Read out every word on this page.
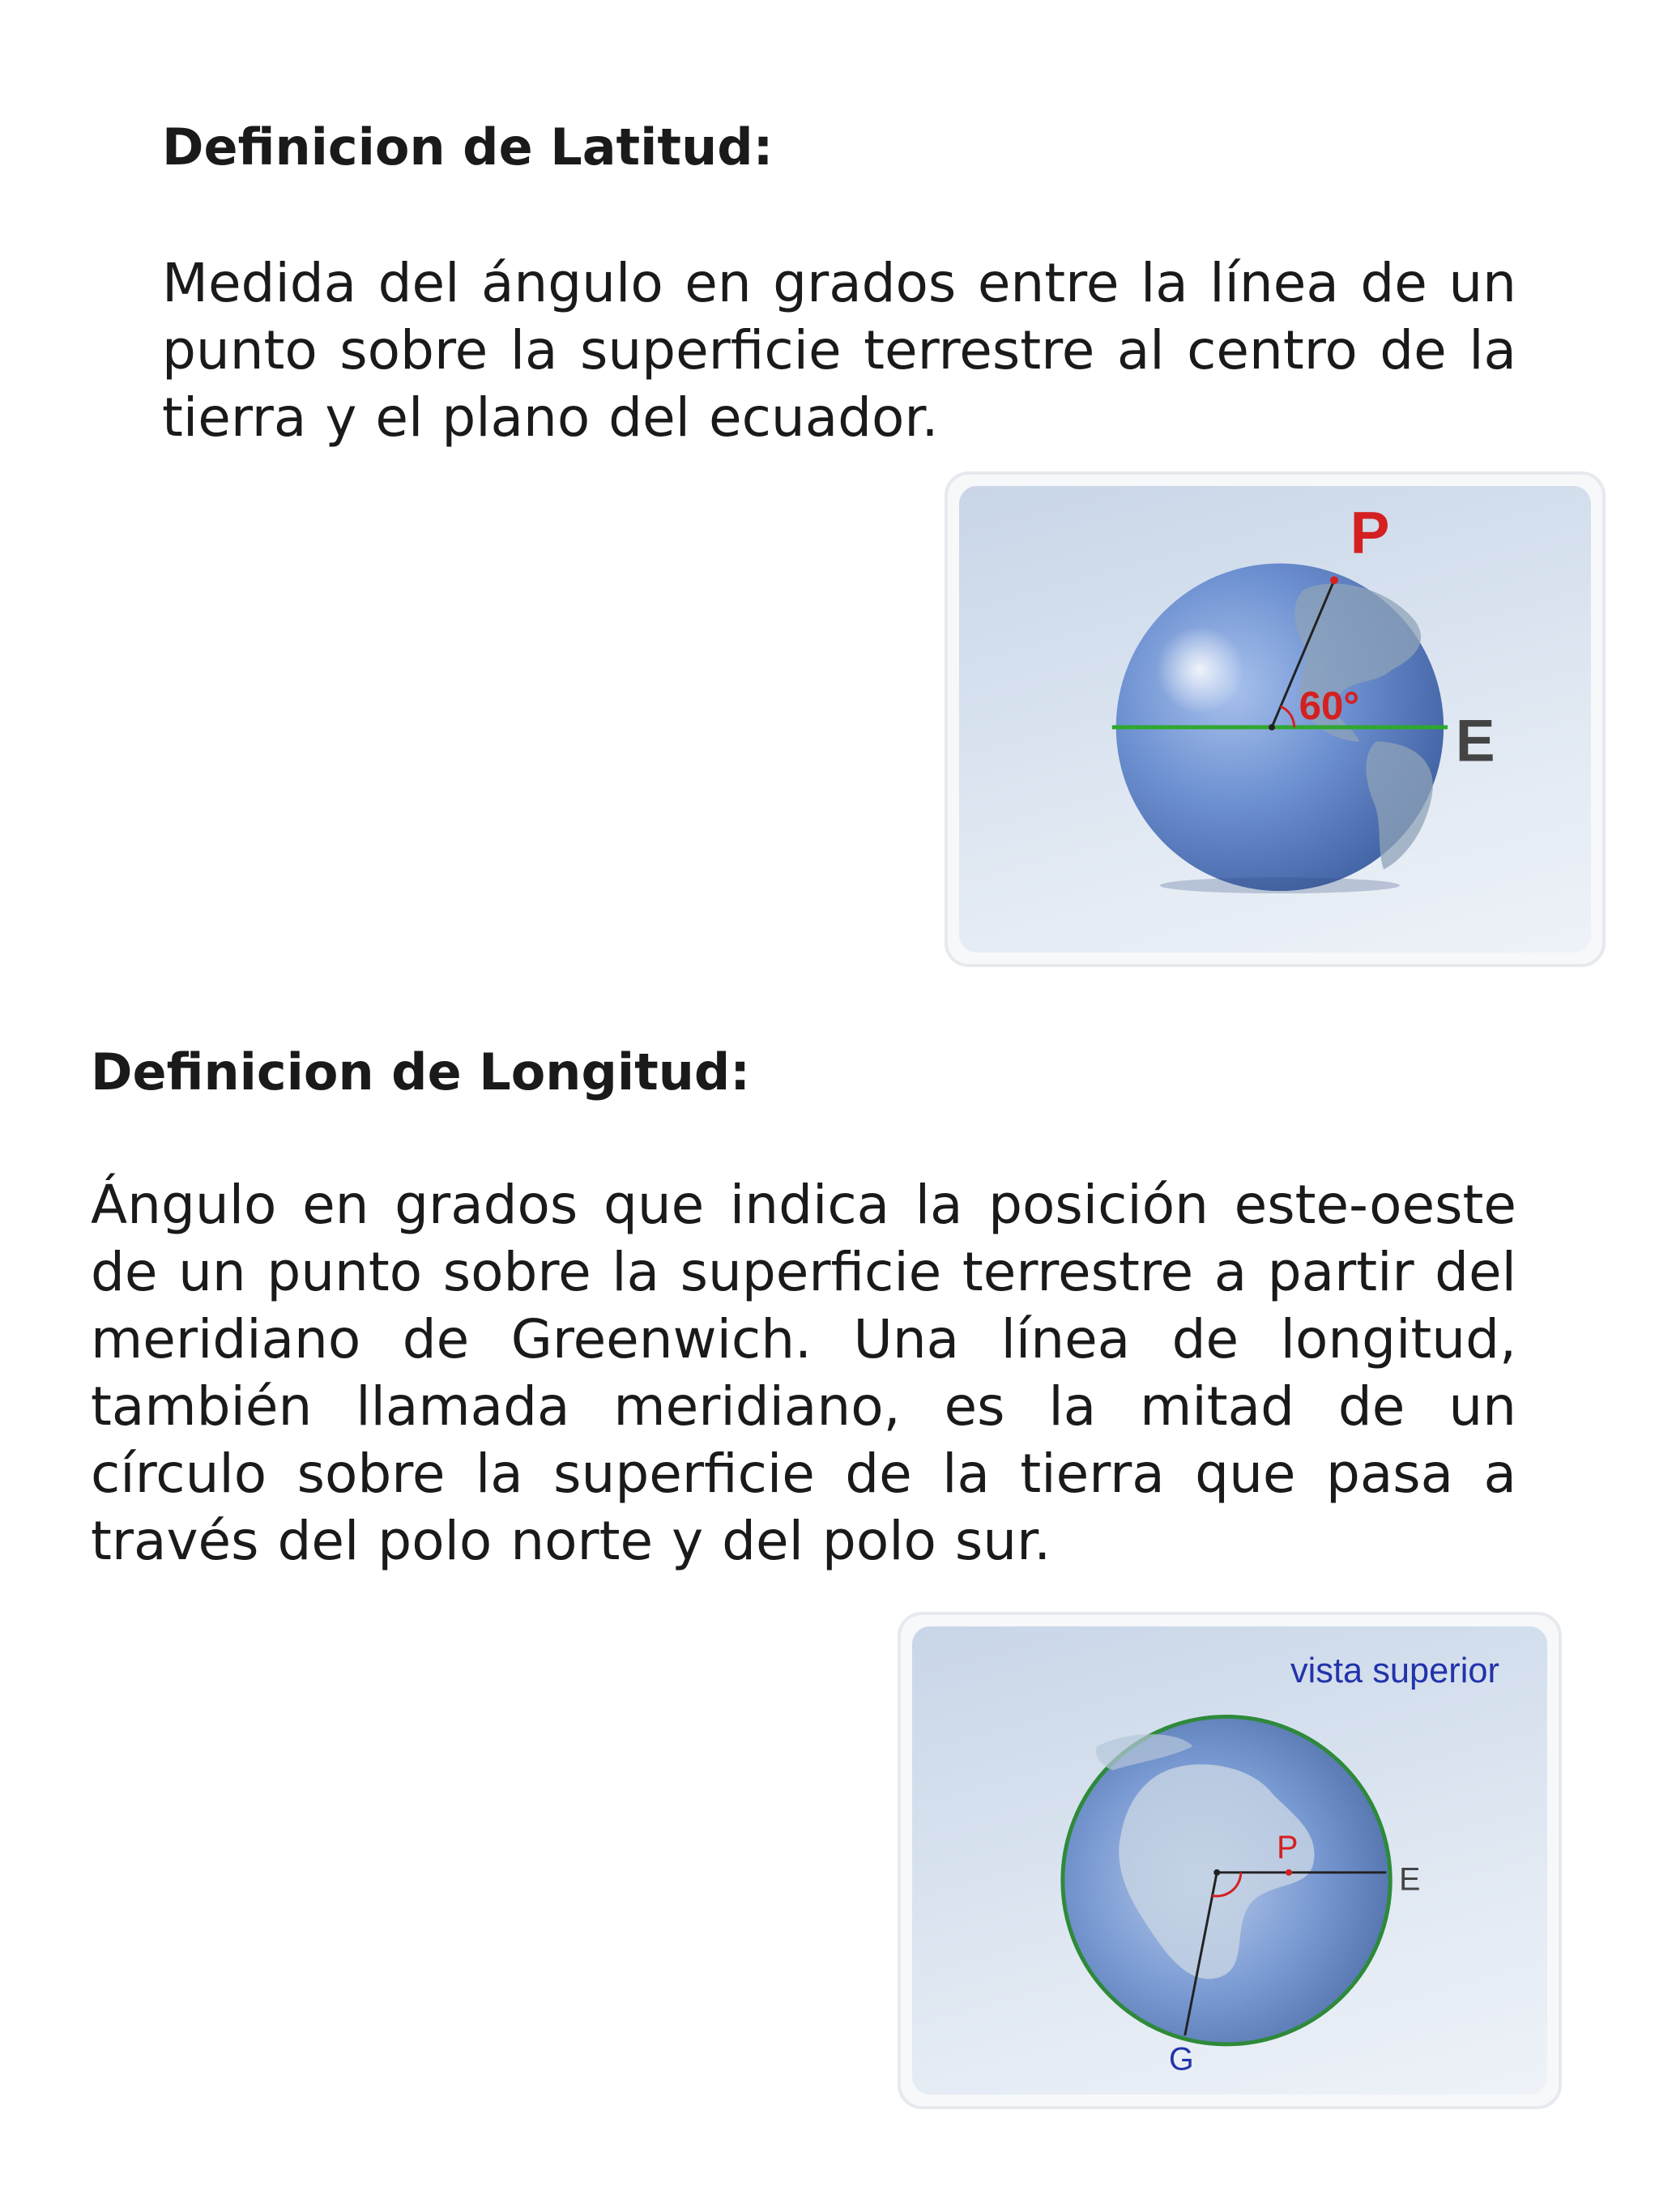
Definicion de Latitud:

Medida del ángulo en grados entre la línea de un punto sobre la superficie terrestre al centro de la tierra y el plano del ecuador.

P
60°
E
Definicion de Longitud:

Ángulo en grados que indica la posición este-oeste de un punto sobre la superficie terrestre a partir del meridiano de Greenwich. Una línea de longitud, también llamada meridiano, es la mitad de un círculo sobre la superficie de la tierra que pasa a través del polo norte y del polo sur.

vista superior
P
E
G
